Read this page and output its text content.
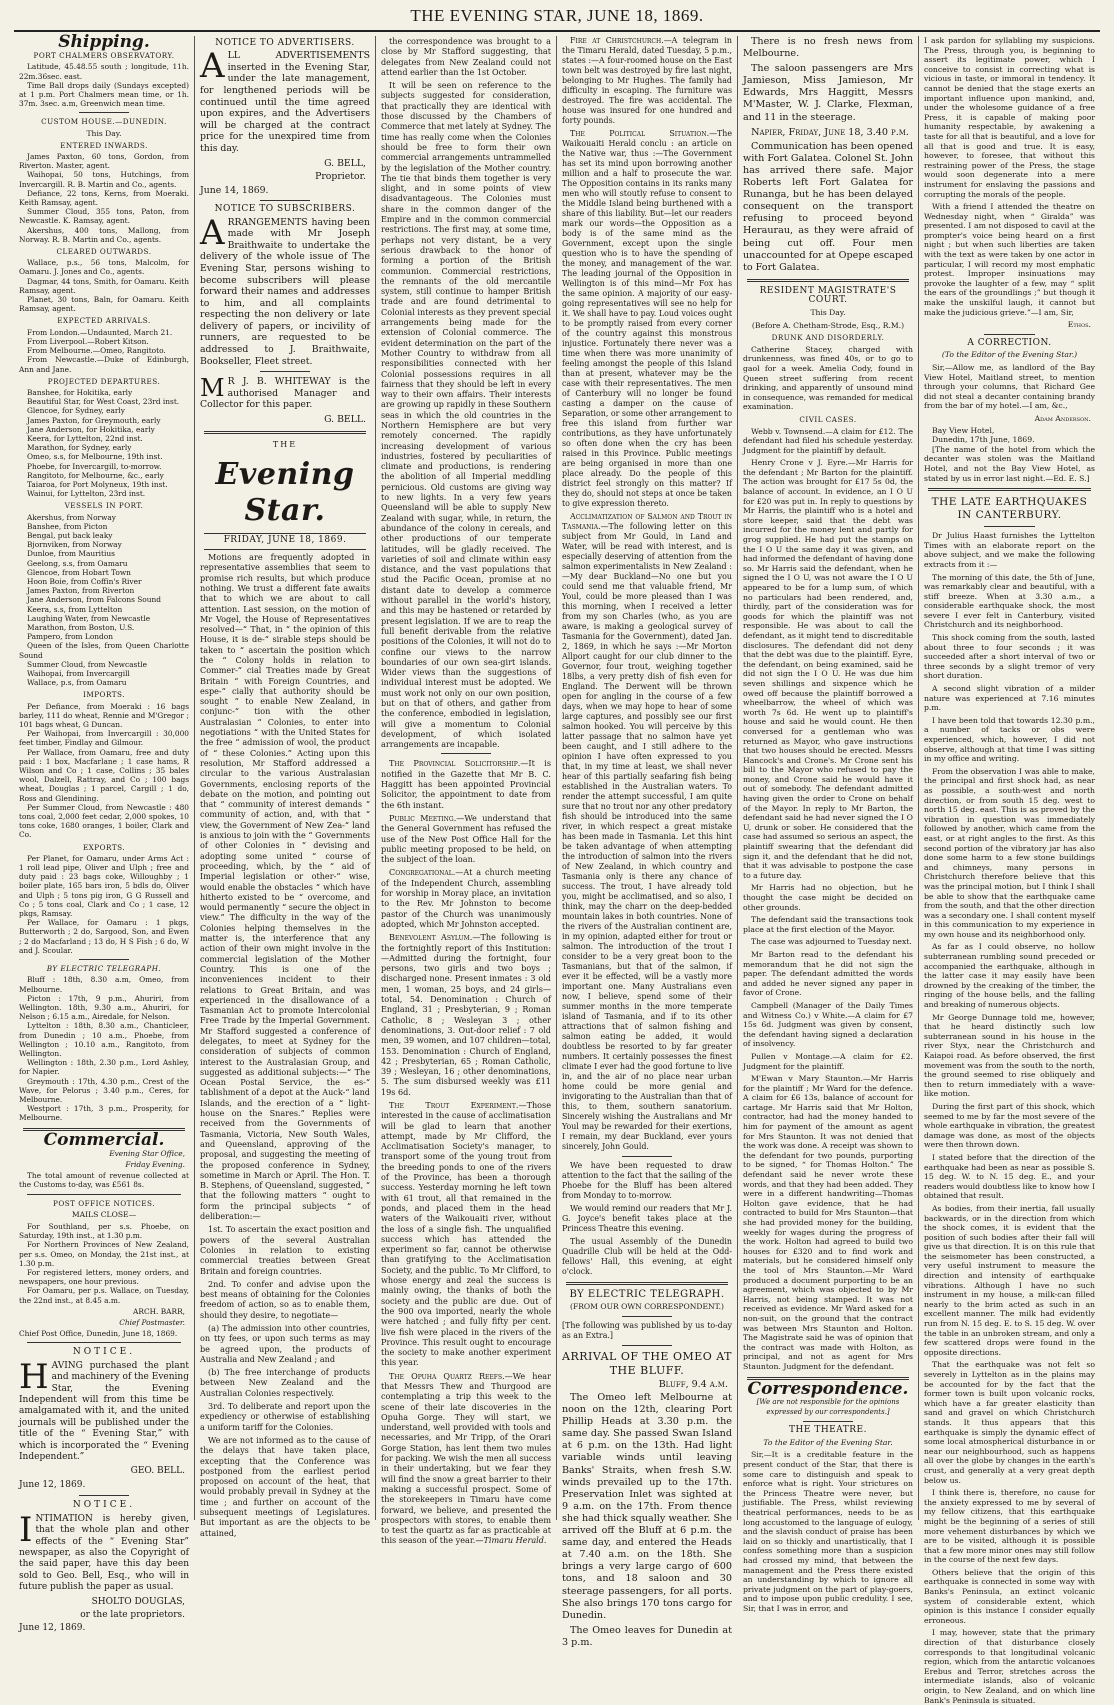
THE EVENING STAR, JUNE 18, 1869.
Shipping.
PORT CHALMERS OBSERVATORY.

Latitude, 45.48.55 south ; longitude, 11h. 22m.36sec. east.

Time Ball drops daily (Sundays excepted) at 1 p.m. Port Chalmers mean time, or 1h. 37m. 3sec. a.m, Greenwich mean time.

CUSTOM HOUSE.—DUNEDIN.
This Day.
ENTERED INWARDS.

James Paxton, 60 tons, Gordon, from Riverton. Master, agent.

Waihopai, 50 tons, Hutchings, from Invercargill. R. B. Martin and Co., agents.

Defiance, 22 tons, Kerns, from Moeraki. Keith Ramsay, agent.

Summer Cloud, 355 tons, Paton, from Newcastle. K. Ramsay, agent.

Akershus, 400 tons, Mallong, from Norway. R. B. Martin and Co., agents.

CLEARED OUTWARDS.

Wallace, p.s., 56 tons, Malcolm, for Oamaru. J. Jones and Co., agents.

Dagmar, 44 tons, Smith, for Oamaru. Keith Ramsay, agent.

Planet, 30 tons, Baln, for Oamaru. Keith Ramsay, agent.

EXPECTED ARRIVALS.

From London.—Undaunted, March 21.

From Liverpool.—Robert Kitson.

From Melbourne.—Omeo, Rangitoto.

From Newcastle.—Duke of Edinburgh, Ann and Jane.

PROJECTED DEPARTURES.

Banshee, for Hokitika, early

Beautiful Star, for West Coast, 23rd inst.

Glencoe, for Sydney, early

James Paxton, for Greymouth, early

Jane Anderson, for Hokitika, early

Keera, for Lyttelton, 22nd inst.

Marathon, for Sydney, early

Omeo, s.s, for Melbourne, 19th inst.

Phoebe, for Invercargill, to-morrow.

Rangitoto, for Melbourne, &c., early

Taiaroa, for Port Molyneux, 19th inst.

Wainui, for Lyttelton, 23rd inst.

VESSELS IN PORT.

Akershus, from Norway

Banshee, from Picton

Bengal, put back leaky

Bjornviken, from Norway

Dunloe, from Mauritius

Geelong, s.s, from Oamaru

Glencoe, from Hobart Town

Hoon Boie, from Coffin's River

James Paxton, from Riverton

Jane Anderson, from Falcons Sound

Keera, s.s, from Lyttelton

Laughing Water, from Newcastle

Marathon, from Boston, U.S.

Pampero, from London

Queen of the Isles, from Queen Charlotte Sound

Summer Cloud, from Newcastle

Waihopai, from Invercargill

Wallace, p.s, from Oamaru

IMPORTS.

Per Defiance, from Moeraki : 16 bags barley, 111 do wheat, Rennie and M'Gregor ; 101 bags wheat, G Duncan.

Per Waihopai, from Invercargill : 30,000 feet timber, Findlay and Gilmour.

Per Wallace, from Oamaru, free and duty paid : 1 box, Macfarlane ; 1 case hams, R Wilson and Co ; 1 case, Collins ; 35 bales wool, Dalzell, Rattray, and Co ; 100 bags wheat, Douglas ; 1 parcel, Cargill ; 1 do, Ross and Glendining.

Per Summer Cloud, from Newcastle : 480 tons coal, 2,000 feet cedar, 2,000 spokes, 10 tons coke, 1680 oranges, 1 boiler, Clark and Co.

EXPORTS.

Per Planet, for Oamaru, under Arms Act : 1 roll lead pipe, Oliver and Ulph ; free and duty paid : 23 bags coke, Willoughby ; 1 boiler plate, 165 bars iron, 5 bdls do, Oliver and Ulph ; 5 tons pig iron, G G Russell and Co ; 5 tons coal, Clark and Co ; 1 case, 12 pkgs, Ramsay.

Per Wallace, for Oamaru : 1 pkgs, Butterworth ; 2 do, Sargood, Son, and Ewen ; 2 do Macfarland ; 13 do, H S Fish ; 6 do, W and J. Scoular.

BY ELECTRIC TELEGRAPH.

Bluff : 18th, 8.30 a.m, Omeo, from Melbourne.

Picton : 17th, 9 p.m., Ahuriri, from Wellington. 18th, 9.30 a.m., Ahuriri, for Nelson ; 6.15 a.m., Airedale, for Nelson.

Lyttelton : 18th, 8.30 a.m., Chanticleer, from Dunedin ; 10 a.m., Phoebe, from Wellington ; 10.10 a.m., Rangitoto, from Wellington.

Wellington : 18th, 2.30 p.m., Lord Ashley, for Napier.

Greymouth : 17th, 4.30 p.m., Crest of the Wave, for Pelorus ; 3.40 p.m., Ceres, for Melbourne.

Westport : 17th, 3 p.m., Prosperity, for Melbourne.

Commercial.
Evening Star Office,
Friday Evening.

The total amount of revenue collected at the Customs to-day, was £561 8s.

POST OFFICE NOTICES.
MAILS CLOSE—

For Southland, per s.s. Phoebe, on Saturday, 19th inst., at 1.30 p.m.

For Northern Provinces of New Zealand, per s.s. Omeo, on Monday, the 21st inst., at 1.30 p.m.

For registered letters, money orders, and newspapers, one hour previous.

For Oamaru, per p.s. Wallace, on Tuesday, the 22nd inst., at 8.45 a.m.

ARCH. BARR,
Chief Postmaster.
Chief Post Office, Dunedin, June 18, 1869.
NOTICE.

HAVING purchased the plant and machinery of the Evening Star, the Evening Independent will from this time be amalgamated with it, and the united journals will be published under the title of the “ Evening Star,” with which is incorporated the “ Evening Independent.”

GEO. BELL.
June 12, 1869.
NOTICE.

INTIMATION is hereby given, that the whole plan and other effects of the “ Evening Star” newspaper, as also the Copyright of the said paper, have this day been sold to Geo. Bell, Esq., who will in future publish the paper as usual.

SHOLTO DOUGLAS,
or the late proprietors.
June 12, 1869.
NOTICE TO ADVERTISERS.

ALL ADVERTISEMENTS inserted in the Evening Star, under the late management, for lengthened periods will be continued until the time agreed upon expires, and the Advertisers will be charged at the contract price for the unexpired time from this day.

G. BELL,
Proprietor.
June 14, 1869.
NOTICE TO SUBSCRIBERS.

ARRANGEMENTS having been made with Mr Joseph Braithwaite to undertake the delivery of the whole issue of The Evening Star, persons wishing to become subscribers will please forward their names and addresses to him, and all complaints respecting the non delivery or late delivery of papers, or incivility of runners, are requested to be addressed to J. Braithwaite, Bookseller, Fleet street.

M R J. B. WHITEWAY is the authorised Manager and Collector for this paper.

G. BELL.
THE
Evening Star.
FRIDAY, JUNE 18, 1869.

Motions are frequently adopted in representative assemblies that seem to promise rich results, but which produce nothing. We trust a different fate awaits that to which we are about to call attention. Last session, on the motion of Mr Vogel, the House of Representatives resolved—“ That, in “ the opinion of this House, it is de-“ sirable steps should be taken to “ ascertain the position which the “ Colony holds in relation to Commer-“ cial Treaties made by Great Britain “ with Foreign Countries, and espe-“ cially that authority should be sought “ to enable New Zealand, in conjunc-“ tion with the other Australasian “ Colonies, to enter into negotiations “ with the United States for the free “ admission of wool, the product of “ these Colonies.” Acting upon this resolution, Mr Stafford addressed a circular to the various Australasian Governments, enclosing reports of the debate on the motion, and pointing out that “ community of interest demands “ community of action, and, with that “ view, the Government of New Zea-“ land is anxious to join with the “ Governments of other Colonies in “ devising and adopting some united “ course of proceeding, which, by the “ aid of Imperial legislation or other-“ wise, would enable the obstacles “ which have hitherto existed to be “ overcome, and would permanently “ secure the object in view.” The difficulty in the way of the Colonies helping themselves in the matter is, the interference that any action of their own might involve in the commercial legislation of the Mother Country. This is one of the inconveniences incident to their relations to Great Britain, and was experienced in the disallowance of a Tasmanian Act to promote Intercolonial Free Trade by the Imperial Government. Mr Stafford suggested a conference of delegates, to meet at Sydney for the consideration of subjects of common interest to the Australasian Group, and suggested as additional subjects:—“ The Ocean Postal Service, the es-“ tablishment of a depot at the Auck-“ land Islands, and the erection of a “ light-house on the Snares.” Replies were received from the Governments of Tasmania, Victoria, New South Wales, and Queensland, approving of the proposal, and suggesting the meeting of the proposed conference in Sydney, sometime in March or April. The Hon. T. B. Stephens, of Queensland, suggested, “ that the following matters “ ought to form the principal subjects “ of deliberation:—

1st. To ascertain the exact position and powers of the several Australian Colonies in relation to existing commercial treaties between Great Britain and foreign countries.

2nd. To confer and advise upon the best means of obtaining for the Colonies freedom of action, so as to enable them, should they desire, to negotiate—

(a) The admission into other countries, on tty fees, or upon such terms as may be agreed upon, the products of Australia and New Zealand ; and

(b) The free interchange of products between New Zealand and the Australian Colonies respectively.

3rd. To deliberate and report upon the expediency or otherwise of establishing a uniform tariff for the Colonies.

We are not informed as to the cause of the delays that have taken place, excepting that the Conference was postponed from the earliest period proposed on account of the heat, that would probably prevail in Sydney at the time ; and further on account of the subsequent meetings of Legislatures. But important as are the objects to be attained,

the correspondence was brought to a close by Mr Stafford suggesting, that delegates from New Zealand could not attend earlier than the 1st October.

It will be seen on reference to the subjects suggested for consideration, that practically they are identical with those discussed by the Chambers of Commerce that met lately at Sydney. The time has really come when the Colonies should be free to form their own commercial arrangements untrammelled by the legislation of the Mother country. The tie that binds them together is very slight, and in some points of view disadvantageous. The Colonies must share in the common danger of the Empire and in the common commercial restrictions. The first may, at some time, perhaps not very distant, be a very serious drawback to the honor of forming a portion of the British communion. Commercial restrictions, the remnants of the old mercantile system, still continue to hamper British trade and are found detrimental to Colonial interests as they prevent special arrangements being made for the extension of Colonial commerce. The evident determination on the part of the Mother Country to withdraw from all responsibilities connected with her Colonial possessions requires in all fairness that they should be left in every way to their own affairs. Their interests are growing up rapidly in these Southern seas in which the old countries in the Northern Hemisphere are but very remotely concerned. The rapidly increasing development of various industries, fostered by peculiarities of climate and productions, is rendering the abolition of all Imperial meddling pernicious. Old customs are giving way to new lights. In a very few years Queensland will be able to supply New Zealand with sugar, while, in return, the abundance of the colony in cereals, and other productions of our temperate latitudes, will be gladly received. The varieties of soil and climate within easy distance, and the vast populations that stud the Pacific Ocean, promise at no distant date to develop a commerce without parallel in the world's history, and this may be hastened or retarded by present legislation. If we are to reap the full benefit derivable from the relative positions of the Colonies, it will not do to confine our views to the narrow boundaries of our own sea-girt islands. Wider views than the suggestions of individual interest must be adopted. We must work not only on our own position, but on that of others, and gather from the conference, embodied in legislation, will give a momentum to Colonial development, of which isolated arrangements are incapable.

The Provincial Solicitorship.—It is notified in the Gazette that Mr B. C. Haggitt has been appointed Provincial Solicitor, the appointment to date from the 6th instant.

Public Meeting.—We understand that the General Government has refused the use of the New Post Office Hall for the public meeting proposed to be held, on the subject of the loan.

Congregational.—At a church meeting of the Independent Church, assembling for worship in Moray place, an invitation to the Rev. Mr Johnston to become pastor of the Church was unanimously adopted, which Mr Johnston accepted.

Benevolent Asylum.—The following is the fortnightly report of this Institution:—Admitted during the fortnight, four persons, two girls and two boys ; discharged none. Present inmates : 3 old men, 1 woman, 25 boys, and 24 girls—total, 54. Denomination : Church of England, 31 ; Presbyterian, 9 ; Roman Catholic, 8 ; Wesleyan 3 ; other denominations, 3. Out-door relief : 7 old men, 39 women, and 107 children—total, 153. Denomination : Church of England, 42 ; Presbyterian, 65 ; Roman Catholic, 39 ; Wesleyan, 16 ; other denominations, 5. The sum disbursed weekly was £11 19s 6d.

The Trout Experiment.—Those interested in the cause of acclimatisation will be glad to learn that another attempt, made by Mr Clifford, the Acclimatisation Society's manager, to transport some of the young trout from the breeding ponds to one of the rivers of the Province, has been a thorough success. Yesterday morning he left town with 61 trout, all that remained in the ponds, and placed them in the head waters of the Waikouaiti river, without the loss of a single fish. The unqualified success which has attended the experiment so far, cannot be otherwise than gratifying to the Acclimatisation Society, and the public. To Mr Clifford, to whose energy and zeal the success is mainly owing, the thanks of both the society and the public are due. Out of the 900 ova imported, nearly the whole were hatched ; and fully fifty per cent. live fish were placed in the rivers of the Province. This result ought to encourage the society to make another experiment this year.

The Opuha Quartz Reefs.—We hear that Messrs Thew and Thurgood are contemplating a trip this week to the scene of their late discoveries in the Opuha Gorge. They will start, we understand, well provided with tools and necessaries, and Mr Tripp, of the Orari Gorge Station, has lent them two mules for packing. We wish the men all success in their undertaking, but we fear they will find the snow a great barrier to their making a successful prospect. Some of the storekeepers in Timaru have come forward, we believe, and presented the prospectors with stores, to enable them to test the quartz as far as practicable at this season of the year.—Timaru Herald.

Fire at Christchurch.—A telegram in the Timaru Herald, dated Tuesday, 5 p.m., states :—A four-roomed house on the East town belt was destroyed by fire last night, belonging to Mr Hughes. The family had difficulty in escaping. The furniture was destroyed. The fire was accidental. The house was insured for one hundred and forty pounds.

The Political Situation.—The Waikouaiti Herald conclu : an article on the Native war, thus :—The Government has set its mind upon borrowing another million and a half to prosecute the war. The Opposition contains in its ranks many men who will stoutly refuse to consent to the Middle Island being burthened with a share of this liability. But—let our readers mark our words—the Opposition as a body is of the same mind as the Government, except upon the single question who is to have the spending of the money, and management of the war. The leading journal of the Opposition in Wellington is of this mind—Mr Fox has the same opinion. A majority of our easy-going representatives will see no help for it. We shall have to pay. Loud voices ought to be promptly raised from every corner of the country against this monstrous injustice. Fortunately there never was a time when there was more unanimity of feeling amongst the people of this Island than at present, whatever may be the case with their representatives. The men of Canterbury will no longer be found casting a damper on the cause of Separation, or some other arrangement to free this island from further war contributions, as they have unfortunately so often done when the cry has been raised in this Province. Public meetings are being organised in more than one place already. Do the people of this district feel strongly on this matter? If they do, should not steps at once be taken to give expression thereto.

Acclimatization of Salmon and Trout in Tasmania.—The following letter on this subject from Mr Gould, in Land and Water, will be read with interest, and is especially deserving of attention from the salmon experimentalists in New Zealand :—My dear Buckland—No one but you could send me that valuable friend, Mr Youl, could be more pleased than I was this morning, when I received a letter from my son Charles (who, as you are aware, is making a geological survey of Tasmania for the Government), dated Jan. 2, 1869, in which he says :—Mr Morton Allport caught for our club dinner to the Governor, four trout, weighing together 18lbs, a very pretty dish of fish even for England. The Derwent will be thrown open for angling in the course of a few days, when we may hope to hear of some large captures, and possibly see our first salmon hooked. You will perceive by this latter passage that no salmon have yet been caught, and I still adhere to the opinion I have often expressed to you that, in my time at least, we shall never hear of this partially seafaring fish being established in the Australian waters. To render the attempt successful, I am quite sure that no trout nor any other predatory fish should be introduced into the same river, in which respect a great mistake has been made in Tasmania. Let this hint be taken advantage of when attempting the introduction of salmon into the rivers of New Zealand, in which country and Tasmania only is there any chance of success. The trout, I have already told you, might be acclimatised, and so also, I think, may the charr on the deep-bedded mountain lakes in both countries. None of the rivers of the Australian continent are, in my opinion, adapted either for trout or salmon. The introduction of the trout I consider to be a very great boon to the Tasmanians, but that of the salmon, if ever it be effected, will be a vastly more important one. Many Australians even now, I believe, spend some of their summer months in the more temperate island of Tasmania, and if to its other attractions that of salmon fishing and salmon eating be added, it would doubtless be resorted to by far greater numbers. It certainly possesses the finest climate I ever had the good fortune to live in, and the air of no place near urban home could be more genial and invigorating to the Australian than that of this, to them, southern sanatorium. Sincerely wishing the Australians and Mr Youl may be rewarded for their exertions, I remain, my dear Buckland, ever yours sincerely, John Gould.

We have been requested to draw attention to the fact that the sailing of the Phoebe for the Bluff has been altered from Monday to to-morrow.

We would remind our readers that Mr J. G. Joyce's benefit takes place at the Princess Theatre this evening.

The usual Assembly of the Dunedin Quadrille Club will be held at the Odd-fellows' Hall, this evening, at eight o'clock.

BY ELECTRIC TELEGRAPH.
(FROM OUR OWN CORRESPONDENT.)

[The following was published by us to-day as an Extra.]

ARRIVAL OF THE OMEO AT THE BLUFF.
Bluff, 9.4 a.m.

The Omeo left Melbourne at noon on the 12th, clearing Port Phillip Heads at 3.30 p.m. the same day. She passed Swan Island at 6 p.m. on the 13th. Had light variable winds until leaving Banks' Straits, when fresh S.W. winds prevailed up to the 17th. Preservation Inlet was sighted at 9 a.m. on the 17th. From thence she had thick squally weather. She arrived off the Bluff at 6 p.m. the same day, and entered the Heads at 7.40 a.m. on the 18th. She brings a very large cargo of 600 tons, and 18 saloon and 30 steerage passengers, for all ports. She also brings 170 tons cargo for Dunedin.

The Omeo leaves for Dunedin at 3 p.m.

There is no fresh news from Melbourne.

The saloon passengers are Mrs Jamieson, Miss Jamieson, Mr Edwards, Mrs Haggitt, Messrs M'Master, W. J. Clarke, Flexman, and 11 in the steerage.

Napier, Friday, June 18, 3.40 p.m.

Communication has been opened with Fort Galatea. Colonel St. John has arrived there safe. Major Roberts left Fort Galatea for Runanga, but he has been delayed consequent on the transport refusing to proceed beyond Heraurau, as they were afraid of being cut off. Four men unaccounted for at Opepe escaped to Fort Galatea.

RESIDENT MAGISTRATE'S COURT.
This Day.
(Before A. Chetham-Strode, Esq., R.M.)
DRUNK AND DISORDERLY.

Catherine Stacey, charged with drunkenness, was fined 40s, or to go to gaol for a week. Amelia Cody, found in Queen street suffering from recent drinking, and apparently of unsound mind in consequence, was remanded for medical examination.

CIVIL CASES.

Webb v. Townsend.—A claim for £12. The defendant had filed his schedule yesterday. Judgment for the plaintiff by default.

Henry Crone v J. Eyre.—Mr Harris for the defendant ; Mr Barton for the plaintiff. The action was brought for £17 5s 0d, the balance of account. In evidence, an I O U for £20 was put in. In reply to questions by Mr Harris, the plaintiff who is a hotel and store keeper, said that the debt was incurred for the money lent and partly for grog supplied. He had put the stamps on the I O U the same day it was given, and had informed the defendant of having done so. Mr Harris said the defendant, when he signed the I O U, was not aware the I O U appeared to be for a lump sum, of which no particulars had been rendered, and, thirdly, part of the consideration was for goods for which the plaintiff was not responsible. He was about to call the defendant, as it might tend to discreditable disclosures. The defendant did not deny that the debt was due to the plaintiff. Eyre, the defendant, on being examined, said he did not sign the I O U. He was due him seven shillings and sixpence which he owed off because the plaintiff borrowed a wheelbarrow, the wheel of which was worth 7s 6d. He went up to plaintiff's house and said he would count. He then conversed for a gentleman who was returned as Mayor, who gave instructions that two houses should be erected. Messrs Hancock's and Crone's. Mr Crone sent his bill to the Mayor who refused to pay the money, and Crone said he would have it out of somebody. The defendant admitted having given the order to Crone on behalf of the Mayor. In reply to Mr Barton, the defendant said he had never signed the I O U, drunk or sober. He considered that the case had assumed so serious an aspect, the plaintiff swearing that the defendant did sign it, and the defendant that he did not, that it was advisable to postpone the case to a future day.

Mr Harris had no objection, but he thought the case might be decided on other grounds.

The defendant said the transactions took place at the first election of the Mayor.

The case was adjourned to Tuesday next.

Mr Barton read to the defendant his memorandum that he did not sign the paper. The defendant admitted the words and added he never signed any paper in favor of Crone.

Campbell (Manager of the Daily Times and Witness Co.) v White.—A claim for £7 15s 6d. Judgment was given by consent, the defendant having signed a declaration of insolvency.

Pullen v Montage.—A claim for £2. Judgment for the plaintiff.

M'Ewan v Mary Staunton.—Mr Harris for the plaintiff ; Mr Ward for the defence. A claim for £6 13s, balance of account for cartage. Mr Harris said that Mr Holton, contractor, had had the money handed to him for payment of the amount as agent for Mrs Staunton. It was not denied that the work was done. A receipt was shown to the defendant for two pounds, purporting to be signed, “ for Thomas Holton.” The defendant said he never wrote these words, and that they had been added. They were in a different handwriting—Thomas Holton gave evidence, that he had contracted to build for Mrs Staunton—that she had provided money for the building, weekly for wages during the progress of the work. Holton had agreed to build two houses for £320 and to find work and materials, but he considered himself only the tool of Mrs Staunton.—Mr Ward produced a document purporting to be an agreement, which was objected to by Mr Harris, not being stamped. It was not received as evidence. Mr Ward asked for a non-suit, on the ground that the contract was between Mrs Staunton and Holton. The Magistrate said he was of opinion that the contract was made with Holton, as principal, and not as agent for Mrs Staunton. Judgment for the defendant.

Correspondence.
[We are not responsible for the opinions expressed by our correspondents.]
THE THEATRE.
To the Editor of the Evening Star.

Sir,—It is a creditable feature in the present conduct of the Star, that there is some care to distinguish and speak to enforce what is right. Your strictures on the Princess Theatre were never, but justifiable. The Press, whilst reviewing theatrical performances, needs to be as long accustomed to the language of eulogy, and the slavish conduct of praise has been laid on so thickly and unartistically, that I confess something more than a suspicion had crossed my mind, that between the management and the Press there existed an understanding by which to ignore all private judgment on the part of play-goers, and to impose upon public credulity. I see, Sir, that I was in error, and

I ask pardon for syllabling my suspicions. The Press, through you, is beginning to assert its legitimate power, which I conceive to consist in correcting what is vicious in taste, or immoral in tendency. It cannot be denied that the stage exerts an important influence upon mankind, and, under the wholesome guidance of a free Press, it is capable of making poor humanity respectable, by awakening a taste for all that is beautiful, and a love for all that is good and true. It is easy, however, to foresee, that without this restraining power of the Press, the stage would soon degenerate into a mere instrument for enslaving the passions and corrupting the morals of the people.

With a friend I attended the theatre on Wednesday night, when “ Giralda” was presented. I am not disposed to cavil at the prompter's voice being heard on a first night ; but when such liberties are taken with the text as were taken by one actor in particular, I will record my most emphatic protest. Improper insinuations may provoke the laughter of a few, may “ split the ears of the groundlings ;” but though it make the unskilful laugh, it cannot but make the judicious grieve.”—I am, Sir,

Ethos.
A CORRECTION.
(To the Editor of the Evening Star.)

Sir,—Allow me, as landlord of the Bay View Hotel, Maitland street, to mention through your columns, that Richard Gee did not steal a decanter containing brandy from the bar of my hotel.—I am, &c.,

Adam Anderson.
Bay View Hotel,
Dunedin, 17th June, 1869.

[The name of the hotel from which the decanter was stolen was the Maitland Hotel, and not the Bay View Hotel, as stated by us in error last night.—Ed. E. S.]

THE LATE EARTHQUAKES IN CANTERBURY.

Dr Julius Haast furnishes the Lyttelton Times with an elaborate report on the above subject, and we make the following extracts from it :—

The morning of this date, the 5th of June, was remarkably clear and beautiful, with a stiff breeze. When at 3.30 a.m., a considerable earthquake shock, the most severe I ever felt in Canterbury, visited Christchurch and its neighborhood.

This shock coming from the south, lasted about three to four seconds ; it was succeeded after a short interval of two or three seconds by a slight tremor of very short duration.

A second slight vibration of a milder nature was experienced at 7.16 minutes p.m.

I have been told that towards 12.30 p.m., a number of tacks or obs were experienced, which, however, I did not observe, although at that time I was sitting in my office and writing.

From the observation I was able to make, the principal and first shock had, as near as possible, a south-west and north direction, or from south 15 deg. west to north 15 deg. east. This is as proved by the vibration in question was immediately followed by another, which came from the east, or at right angles to the first. As this second portion of the vibratory jar has also done some harm to a few stone buildings and chimneys, many persons in Christchurch therefore believe that this was the principal motion, but I think I shall be able to show that the earthquake came from the south, and that the other direction was a secondary one. I shall content myself in this communication to my experience in my own house and its neighborhood only.

As far as I could observe, no hollow subterranean rumbling sound preceded or accompanied the earthquake, although in the latter case it may easily have been drowned by the creaking of the timber, the ringing of the house bells, and the falling and breaking of numerous objects.

Mr George Dunnage told me, however, that he heard distinctly such low subterranean sound in his house in the river Styx, near the Christchurch and Kaiapoi road. As before observed, the first movement was from the south to the north, the ground seemed to rise obliquely and then to return immediately with a wave-like motion.

During the first part of this shock, which seemed to me by far the most severe of the whole earthquake in vibration, the greatest damage was done, as most of the objects were then thrown down.

I stated before that the direction of the earthquake had been as near as possible S. 15 deg. W. to N. 15 deg. E., and your readers would doubtless like to know how I obtained that result.

As bodies, from their inertia, fall usually backwards, or in the direction from which the shock comes, it is evident that the position of such bodies after their fall will give us that direction. It is on this rule that the seismometer has been constructed, a very useful instrument to measure the direction and intensity of earthquake vibrations. Although I have no such instrument in my house, a milk-can filled nearly to the brim acted as such in an excellent manner. The milk had evidently run from N. 15 deg. E. to S. 15 deg. W. over the table in an unbroken stream, and only a few scattered drops were found in the opposite directions.

That the earthquake was not felt so severely in Lyttelton as in the plains may be accounted for by the fact that the former town is built upon volcanic rocks, which have a far greater elasticity than sand and gravel on which Christchurch stands. It thus appears that this earthquake is simply the dynamic effect of some local atmospherical disturbance in or near our neighbourhood, such as happens all over the globe by changes in the earth's crust, and generally at a very great depth below us.

I think there is, therefore, no cause for the anxiety expressed to me by several of my fellow citizens, that this earthquake might be the beginning of a series of still more vehement disturbances by which we are to be visited, although it is possible that a few more minor ones may still follow in the course of the next few days.

Others believe that the origin of this earthquake is connected in some way with Banks's Peninsula, an extinct volcanic system of considerable extent, which opinion is this instance I consider equally erroneous.

I may, however, state that the primary direction of that disturbance closely corresponds to that longitudinal volcanic region, which from the antarctic volcanoes Erebus and Terror, stretches across the intermediate islands, also of volcanic origin, to New Zealand, and on which line Bank's Peninsula is situated.
